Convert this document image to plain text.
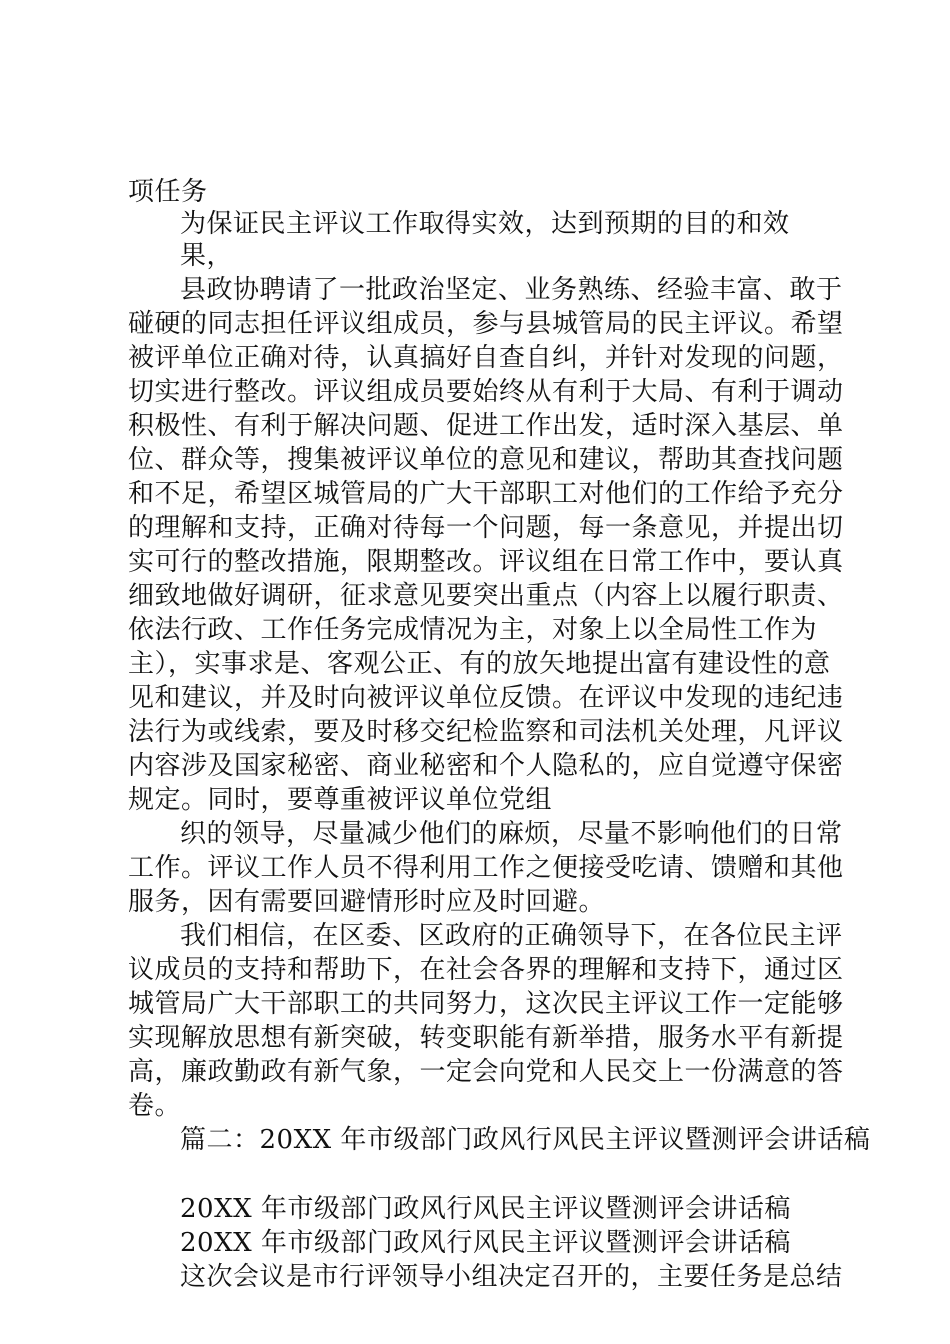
项任务
为保证民主评议工作取得实效，达到预期的目的和效
果，
县政协聘请了一批政治坚定、业务熟练、经验丰富、敢于
碰硬的同志担任评议组成员，参与县城管局的民主评议。希望
被评单位正确对待，认真搞好自查自纠，并针对发现的问题，
切实进行整改。评议组成员要始终从有利于大局、有利于调动
积极性、有利于解决问题、促进工作出发，适时深入基层、单
位、群众等，搜集被评议单位的意见和建议，帮助其查找问题
和不足，希望区城管局的广大干部职工对他们的工作给予充分
的理解和支持，正确对待每一个问题，每一条意见，并提出切
实可行的整改措施，限期整改。评议组在日常工作中，要认真
细致地做好调研，征求意见要突出重点（内容上以履行职责、
依法行政、工作任务完成情况为主，对象上以全局性工作为
主），实事求是、客观公正、有的放矢地提出富有建设性的意
见和建议，并及时向被评议单位反馈。在评议中发现的违纪违
法行为或线索，要及时移交纪检监察和司法机关处理，凡评议
内容涉及国家秘密、商业秘密和个人隐私的，应自觉遵守保密
规定。同时，要尊重被评议单位党组
织的领导，尽量减少他们的麻烦，尽量不影响他们的日常
工作。评议工作人员不得利用工作之便接受吃请、馈赠和其他
服务，因有需要回避情形时应及时回避。
我们相信，在区委、区政府的正确领导下，在各位民主评
议成员的支持和帮助下，在社会各界的理解和支持下，通过区
城管局广大干部职工的共同努力，这次民主评议工作一定能够
实现解放思想有新突破，转变职能有新举措，服务水平有新提
高，廉政勤政有新气象，一定会向党和人民交上一份满意的答
卷。
篇二：20XX 年市级部门政风行风民主评议暨测评会讲话稿
20XX 年市级部门政风行风民主评议暨测评会讲话稿
20XX 年市级部门政风行风民主评议暨测评会讲话稿
这次会议是市行评领导小组决定召开的，主要任务是总结
